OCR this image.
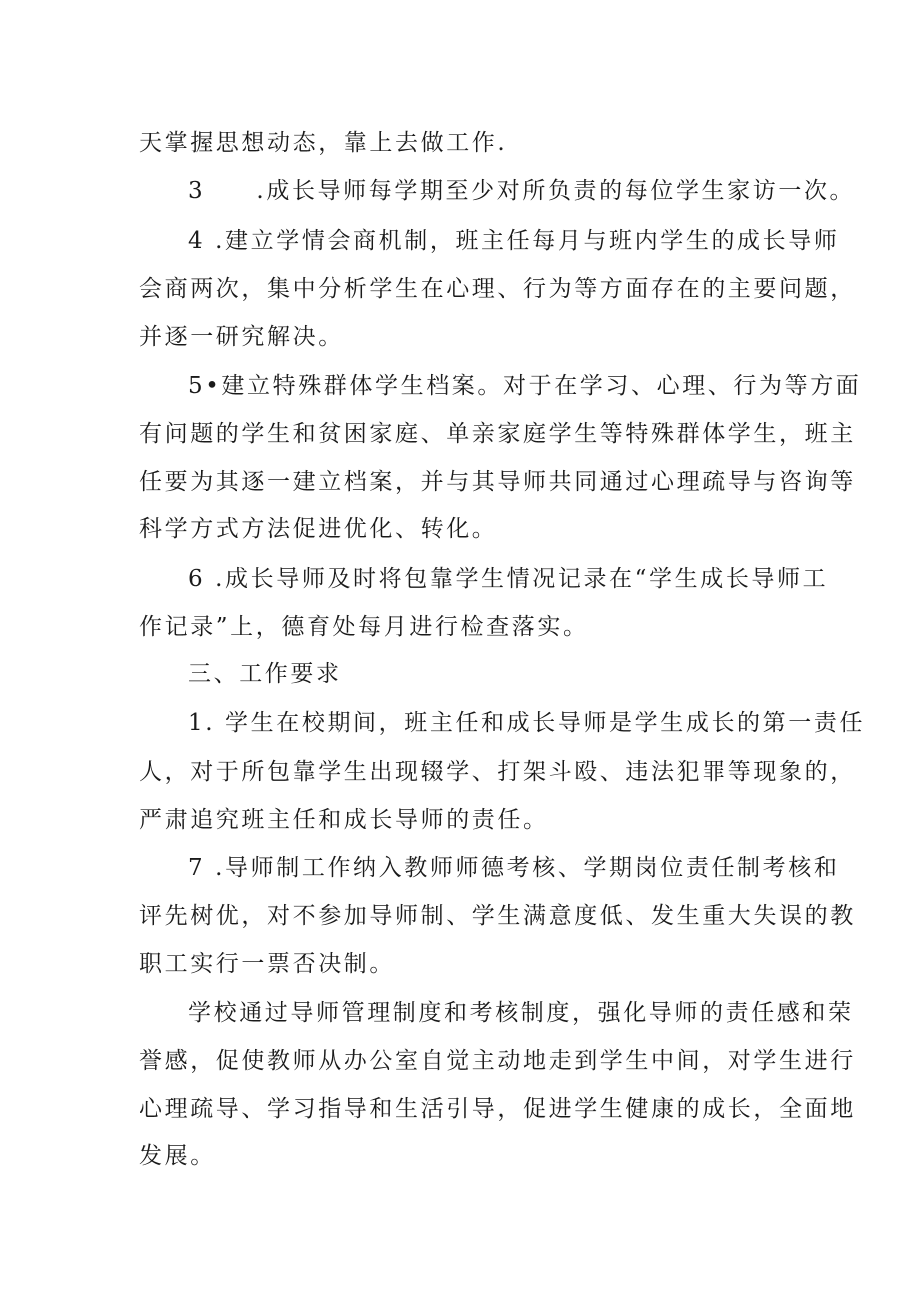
天掌握思想动态，靠上去做工作.
3　　.成长导师每学期至少对所负责的每位学生家访一次。
4 .建立学情会商机制，班主任每月与班内学生的成长导师
会商两次，集中分析学生在心理、行为等方面存在的主要问题，
并逐一研究解决。
5•建立特殊群体学生档案。对于在学习、心理、行为等方面
有问题的学生和贫困家庭、单亲家庭学生等特殊群体学生，班主
任要为其逐一建立档案，并与其导师共同通过心理疏导与咨询等
科学方式方法促进优化、转化。
6 .成长导师及时将包靠学生情况记录在“学生成长导师工
作记录”上，德育处每月进行检查落实。
三、工作要求
1. 学生在校期间，班主任和成长导师是学生成长的第一责任
人，对于所包靠学生出现辍学、打架斗殴、违法犯罪等现象的，
严肃追究班主任和成长导师的责任。
7 .导师制工作纳入教师师德考核、学期岗位责任制考核和
评先树优，对不参加导师制、学生满意度低、发生重大失误的教
职工实行一票否决制。
学校通过导师管理制度和考核制度，强化导师的责任感和荣
誉感，促使教师从办公室自觉主动地走到学生中间，对学生进行
心理疏导、学习指导和生活引导，促进学生健康的成长，全面地
发展。
